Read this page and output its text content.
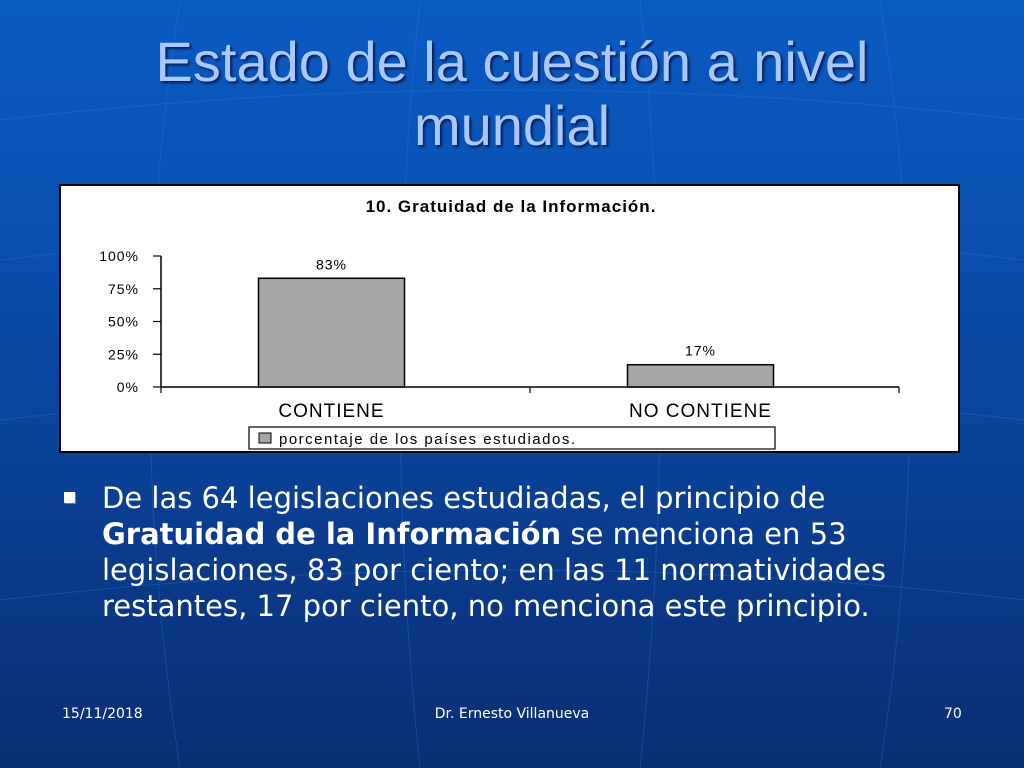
Estado de la cuestión a nivel
mundial
10. Gratuidad de la Información.
0%
25%
50%
75%
100%
83%
CONTIENE
17%
NO CONTIENE
porcentaje de los países estudiados.
De las 64 legislaciones estudiadas, el principio de Gratuidad de la Información se menciona en 53 legislaciones, 83 por ciento; en las 11 normatividades restantes, 17 por ciento, no menciona este principio.
15/11/2018	Dr. Ernesto Villanueva	70
